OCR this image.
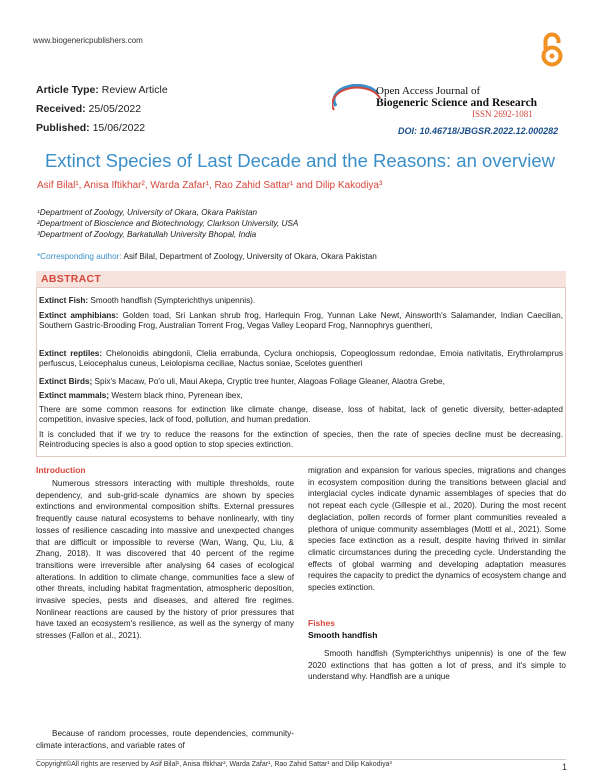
www.biogenericpublishers.com
Article Type: Review Article
Received: 25/05/2022
Published: 15/06/2022
Open Access Journal of
Biogeneric Science and Research
ISSN 2692-1081
DOI: 10.46718/JBGSR.2022.12.000282
Extinct Species of Last Decade and the Reasons: an overview
Asif Bilal¹, Anisa Iftikhar², Warda Zafar¹, Rao Zahid Sattar¹ and Dilip Kakodiya³
¹Department of Zoology, University of Okara, Okara Pakistan
²Department of Bioscience and Biotechnology, Clarkson University, USA
³Department of Zoology, Barkatullah University Bhopal, India
*Corresponding author: Asif Bilal, Department of Zoology, University of Okara, Okara Pakistan
ABSTRACT
Extinct Fish: Smooth handfish (Sympterichthys unipennis).
Extinct amphibians: Golden toad, Sri Lankan shrub frog, Harlequin Frog, Yunnan Lake Newt, Ainsworth's Salamander, Indian Caecilian, Southern Gastric-Brooding Frog, Australian Torrent Frog, Vegas Valley Leopard Frog, Nannophrys guentheri,
Extinct reptiles: Chelonoidis abingdonii, Clelia errabunda, Cyclura onchiopsis, Copeoglossum redondae, Emoia nativitatis, Erythrolamprus perfuscus, Leiocephalus cuneus, Leiolopisma ceciliae, Nactus soniae, Scelotes guentheri
Extinct Birds; Spix's Macaw, Po'o uli, Maui Akepa, Cryptic tree hunter, Alagoas Foliage Gleaner, Alaotra Grebe,
Extinct mammals; Western black rhino, Pyrenean ibex,
There are some common reasons for extinction like climate change, disease, loss of habitat, lack of genetic diversity, better-adapted competition, invasive species, lack of food, pollution, and human predation.
It is concluded that if we try to reduce the reasons for the extinction of species, then the rate of species decline must be decreasing. Reintroducing species is also a good option to stop species extinction.
Introduction

Numerous stressors interacting with multiple thresholds, route dependency, and sub-grid-scale dynamics are shown by species extinctions and environmental composition shifts. External pressures frequently cause natural ecosystems to behave nonlinearly, with tiny losses of resilience cascading into massive and unexpected changes that are difficult or impossible to reverse (Wan, Wang, Qu, Liu, & Zhang, 2018). It was discovered that 40 percent of the regime transitions were irreversible after analysing 64 cases of ecological alterations. In addition to climate change, communities face a slew of other threats, including habitat fragmentation, atmospheric deposition, invasive species, pests and diseases, and altered fire regimes. Nonlinear reactions are caused by the history of prior pressures that have taxed an ecosystem's resilience, as well as the synergy of many stresses (Fallon et al., 2021).

Because of random processes, route dependencies, community-climate interactions, and variable rates of

migration and expansion for various species, migrations and changes in ecosystem composition during the transitions between glacial and interglacial cycles indicate dynamic assemblages of species that do not repeat each cycle (Gillespie et al., 2020). During the most recent deglaciation, pollen records of former plant communities revealed a plethora of unique community assemblages (Mottl et al., 2021). Some species face extinction as a result, despite having thrived in similar climatic circumstances during the preceding cycle. Understanding the effects of global warming and developing adaptation measures requires the capacity to predict the dynamics of ecosystem change and species extinction.

Fishes
Smooth handfish

Smooth handfish (Sympterichthys unipennis) is one of the few 2020 extinctions that has gotten a lot of press, and it's simple to understand why. Handfish are a unique

Copyright©All rights are reserved by Asif Bilal¹, Anisa Iftikhar², Warda Zafar¹, Rao Zahid Sattar¹ and Dilip Kakodiya³	1
